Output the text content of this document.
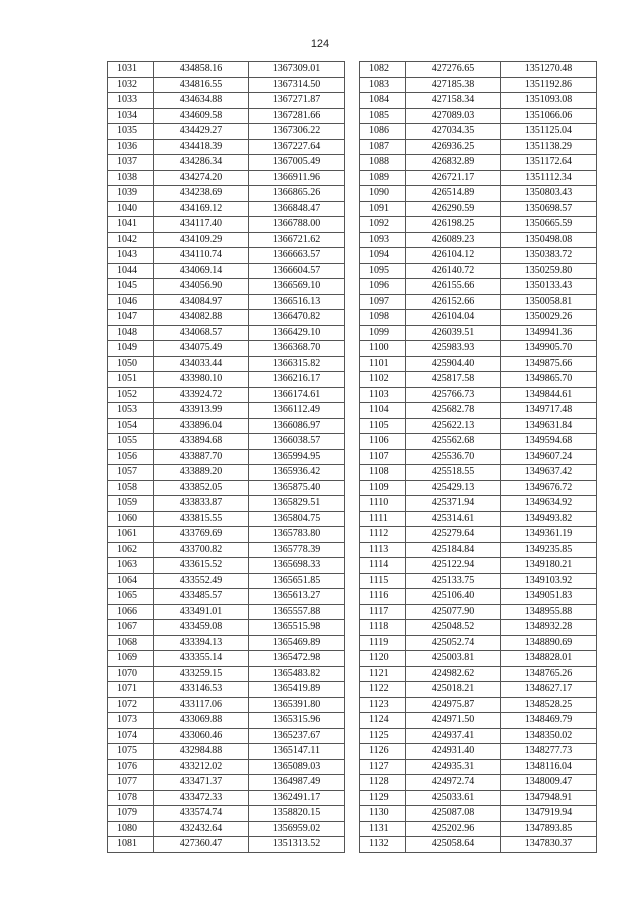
124
1031	434858.16	1367309.01
1032	434816.55	1367314.50
1033	434634.88	1367271.87
1034	434609.58	1367281.66
1035	434429.27	1367306.22
1036	434418.39	1367227.64
1037	434286.34	1367005.49
1038	434274.20	1366911.96
1039	434238.69	1366865.26
1040	434169.12	1366848.47
1041	434117.40	1366788.00
1042	434109.29	1366721.62
1043	434110.74	1366663.57
1044	434069.14	1366604.57
1045	434056.90	1366569.10
1046	434084.97	1366516.13
1047	434082.88	1366470.82
1048	434068.57	1366429.10
1049	434075.49	1366368.70
1050	434033.44	1366315.82
1051	433980.10	1366216.17
1052	433924.72	1366174.61
1053	433913.99	1366112.49
1054	433896.04	1366086.97
1055	433894.68	1366038.57
1056	433887.70	1365994.95
1057	433889.20	1365936.42
1058	433852.05	1365875.40
1059	433833.87	1365829.51
1060	433815.55	1365804.75
1061	433769.69	1365783.80
1062	433700.82	1365778.39
1063	433615.52	1365698.33
1064	433552.49	1365651.85
1065	433485.57	1365613.27
1066	433491.01	1365557.88
1067	433459.08	1365515.98
1068	433394.13	1365469.89
1069	433355.14	1365472.98
1070	433259.15	1365483.82
1071	433146.53	1365419.89
1072	433117.06	1365391.80
1073	433069.88	1365315.96
1074	433060.46	1365237.67
1075	432984.88	1365147.11
1076	433212.02	1365089.03
1077	433471.37	1364987.49
1078	433472.33	1362491.17
1079	433574.74	1358820.15
1080	432432.64	1356959.02
1081	427360.47	1351313.52
1082	427276.65	1351270.48
1083	427185.38	1351192.86
1084	427158.34	1351093.08
1085	427089.03	1351066.06
1086	427034.35	1351125.04
1087	426936.25	1351138.29
1088	426832.89	1351172.64
1089	426721.17	1351112.34
1090	426514.89	1350803.43
1091	426290.59	1350698.57
1092	426198.25	1350665.59
1093	426089.23	1350498.08
1094	426104.12	1350383.72
1095	426140.72	1350259.80
1096	426155.66	1350133.43
1097	426152.66	1350058.81
1098	426104.04	1350029.26
1099	426039.51	1349941.36
1100	425983.93	1349905.70
1101	425904.40	1349875.66
1102	425817.58	1349865.70
1103	425766.73	1349844.61
1104	425682.78	1349717.48
1105	425622.13	1349631.84
1106	425562.68	1349594.68
1107	425536.70	1349607.24
1108	425518.55	1349637.42
1109	425429.13	1349676.72
1110	425371.94	1349634.92
1111	425314.61	1349493.82
1112	425279.64	1349361.19
1113	425184.84	1349235.85
1114	425122.94	1349180.21
1115	425133.75	1349103.92
1116	425106.40	1349051.83
1117	425077.90	1348955.88
1118	425048.52	1348932.28
1119	425052.74	1348890.69
1120	425003.81	1348828.01
1121	424982.62	1348765.26
1122	425018.21	1348627.17
1123	424975.87	1348528.25
1124	424971.50	1348469.79
1125	424937.41	1348350.02
1126	424931.40	1348277.73
1127	424935.31	1348116.04
1128	424972.74	1348009.47
1129	425033.61	1347948.91
1130	425087.08	1347919.94
1131	425202.96	1347893.85
1132	425058.64	1347830.37
